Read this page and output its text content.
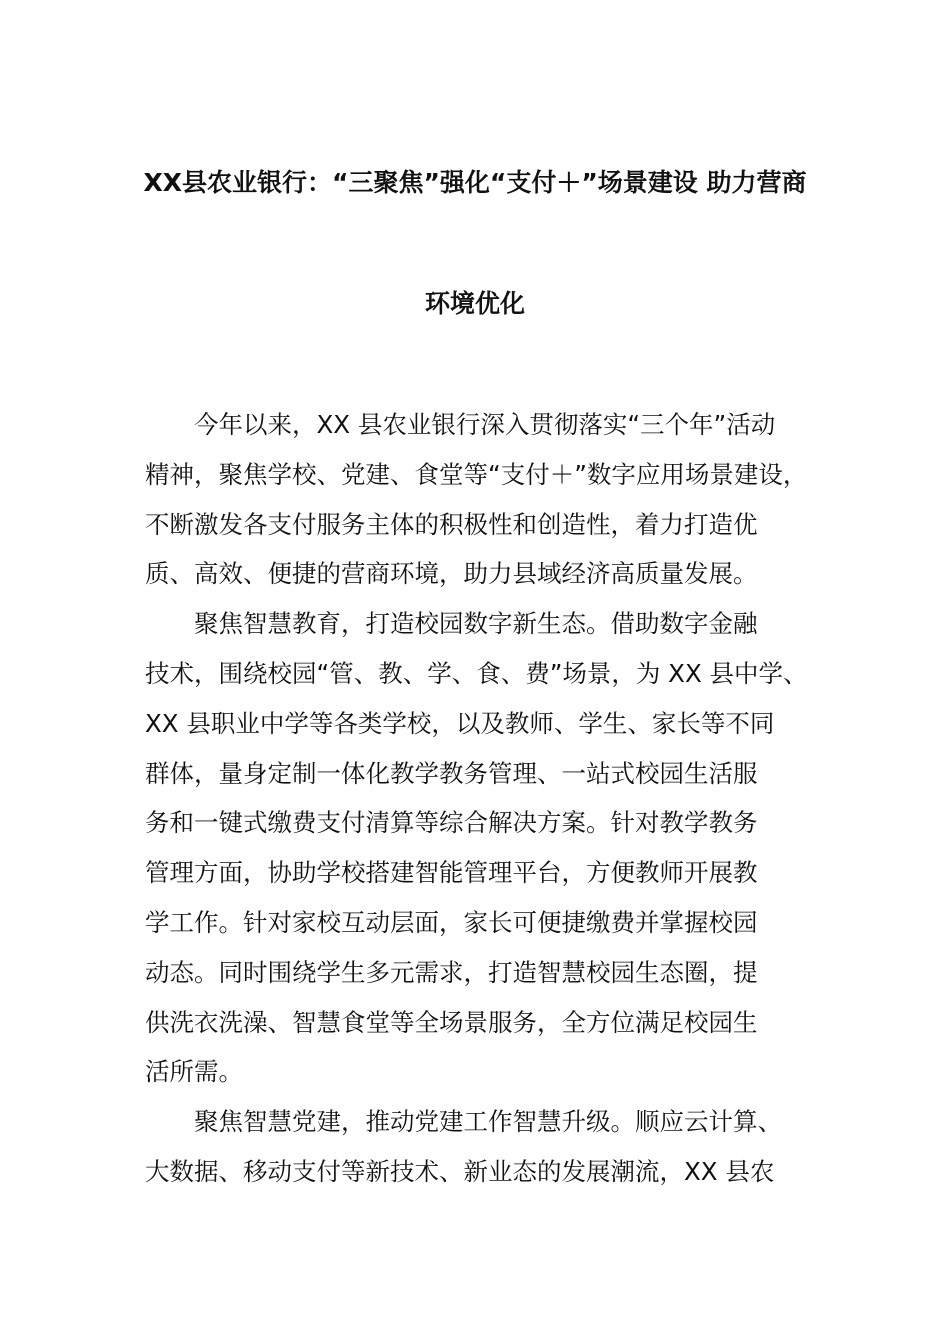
XX县农业银行：“三聚焦”强化“支付＋”场景建设 助力营商
环境优化
今年以来，XX 县农业银行深入贯彻落实“三个年”活动
精神，聚焦学校、党建、食堂等“支付＋”数字应用场景建设，
不断激发各支付服务主体的积极性和创造性，着力打造优
质、高效、便捷的营商环境，助力县域经济高质量发展。
聚焦智慧教育，打造校园数字新生态。借助数字金融
技术，围绕校园“管、教、学、食、费”场景，为 XX 县中学、
XX 县职业中学等各类学校，以及教师、学生、家长等不同
群体，量身定制一体化教学教务管理、一站式校园生活服
务和一键式缴费支付清算等综合解决方案。针对教学教务
管理方面，协助学校搭建智能管理平台，方便教师开展教
学工作。针对家校互动层面，家长可便捷缴费并掌握校园
动态。同时围绕学生多元需求，打造智慧校园生态圈，提
供洗衣洗澡、智慧食堂等全场景服务，全方位满足校园生
活所需。
聚焦智慧党建，推动党建工作智慧升级。顺应云计算、
大数据、移动支付等新技术、新业态的发展潮流，XX 县农
